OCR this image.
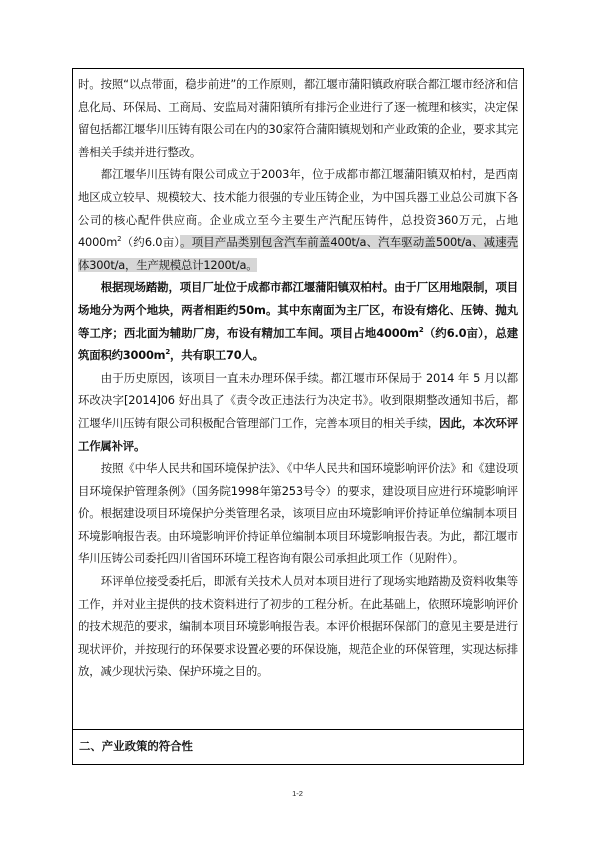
时。按照“以点带面，稳步前进”的工作原则，都江堰市蒲阳镇政府联合都江堰市经济和信息化局、环保局、工商局、安监局对蒲阳镇所有排污企业进行了逐一梳理和核实，决定保留包括都江堰华川压铸有限公司在内的30家符合蒲阳镇规划和产业政策的企业，要求其完善相关手续并进行整改。

都江堰华川压铸有限公司成立于2003年，位于成都市都江堰蒲阳镇双柏村，是西南地区成立较早、规模较大、技术能力很强的专业压铸企业，为中国兵器工业总公司旗下各公司的核心配件供应商。企业成立至今主要生产汽配压铸件，总投资360万元，占地$4000m^2$（约6.0亩）。项目产品类别包含汽车前盖400t/a、汽车驱动盖500t/a、减速壳体300t/a，生产规模总计1200t/a。

根据现场踏勘，项目厂址位于成都市都江堰蒲阳镇双柏村。由于厂区用地限制，项目场地分为两个地块，两者相距约50m。其中东南面为主厂区，布设有熔化、压铸、抛丸等工序；西北面为辅助厂房，布设有精加工车间。项目占地$4000m^2$（约6.0亩），总建筑面积约$3000m^2$，共有职工70人。

由于历史原因，该项目一直未办理环保手续。都江堰市环保局于 2014 年 5 月以都环改决字[2014]06 好出具了《责令改正违法行为决定书》。收到限期整改通知书后，都江堰华川压铸有限公司积极配合管理部门工作，完善本项目的相关手续，因此，本次环评工作属补评。

按照《中华人民共和国环境保护法》、《中华人民共和国环境影响评价法》和《建设项目环境保护管理条例》（国务院1998年第253号令）的要求，建设项目应进行环境影响评价。根据建设项目环境保护分类管理名录，该项目应由环境影响评价持证单位编制本项目环境影响报告表。由环境影响评价持证单位编制本项目环境影响报告表。为此，都江堰市华川压铸公司委托四川省国环环境工程咨询有限公司承担此项工作（见附件）。

环评单位接受委托后，即派有关技术人员对本项目进行了现场实地踏勘及资料收集等工作，并对业主提供的技术资料进行了初步的工程分析。在此基础上，依照环境影响评价的技术规范的要求，编制本项目环境影响报告表。本评价根据环保部门的意见主要是进行现状评价，并按现行的环保要求设置必要的环保设施，规范企业的环保管理，实现达标排放，减少现状污染、保护环境之目的。

二、产业政策的符合性
1-2
